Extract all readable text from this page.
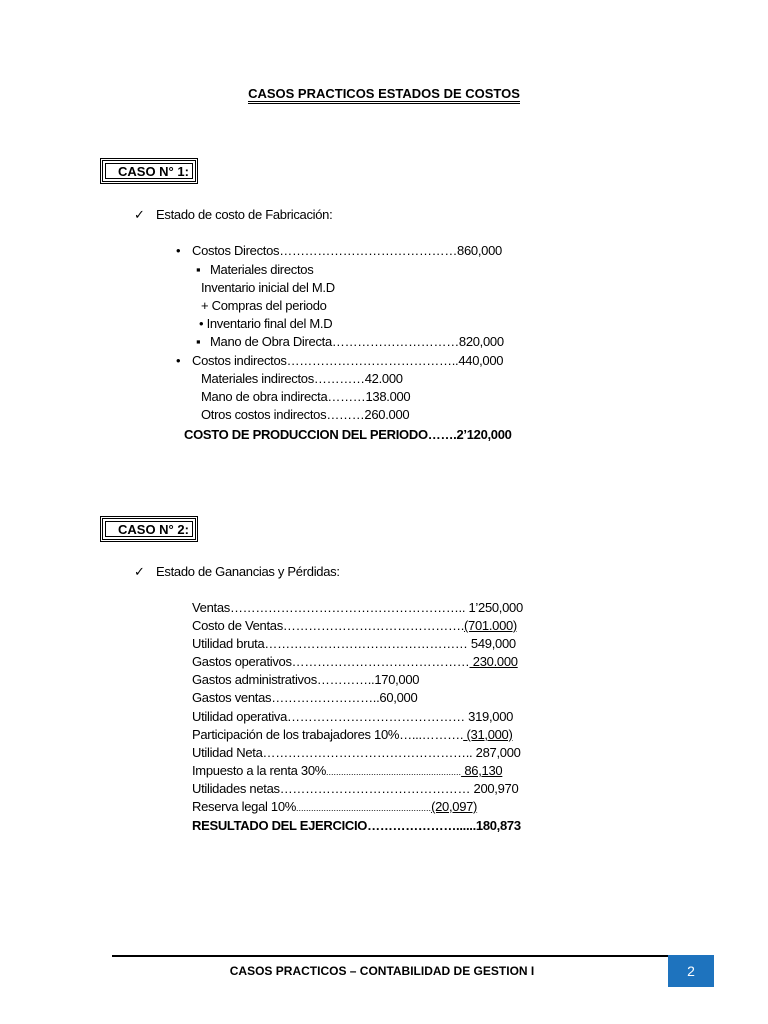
CASOS PRACTICOS ESTADOS DE COSTOS
CASO N° 1:
✓ Estado de costo de Fabricación:
• Costos Directos……………………………………860,000
▪ Materiales directos
Inventario inicial del M.D
+ Compras del periodo
• Inventario final del M.D
▪ Mano de Obra Directa…………………………820,000
• Costos indirectos…………………………………..440,000
Materiales indirectos…………42.000
Mano de obra indirecta………138.000
Otros costos indirectos………260.000
COSTO DE PRODUCCION DEL PERIODO…….2’120,000
CASO N° 2:
✓ Estado de Ganancias y Pérdidas:
Ventas……………………………………………….. 1’250,000
Costo de Ventas…………………………………….(701.000)
Utilidad bruta………………………………………… 549,000
Gastos operativos…………………………………… 230.000
Gastos administrativos…………..170,000
Gastos ventas……………………..60,000
Utilidad operativa…………………………………… 319,000
Participación de los trabajadores 10%…...………. (31,000)
Utilidad Neta………………………………………….. 287,000
Impuesto a la renta 30%...................................................... 86,130
Utilidades netas……………………………………… 200,970
Reserva legal 10%......................................................(20,097)
RESULTADO DEL EJERCICIO…………………......180,873
CASOS PRACTICOS – CONTABILIDAD DE GESTION I	2
